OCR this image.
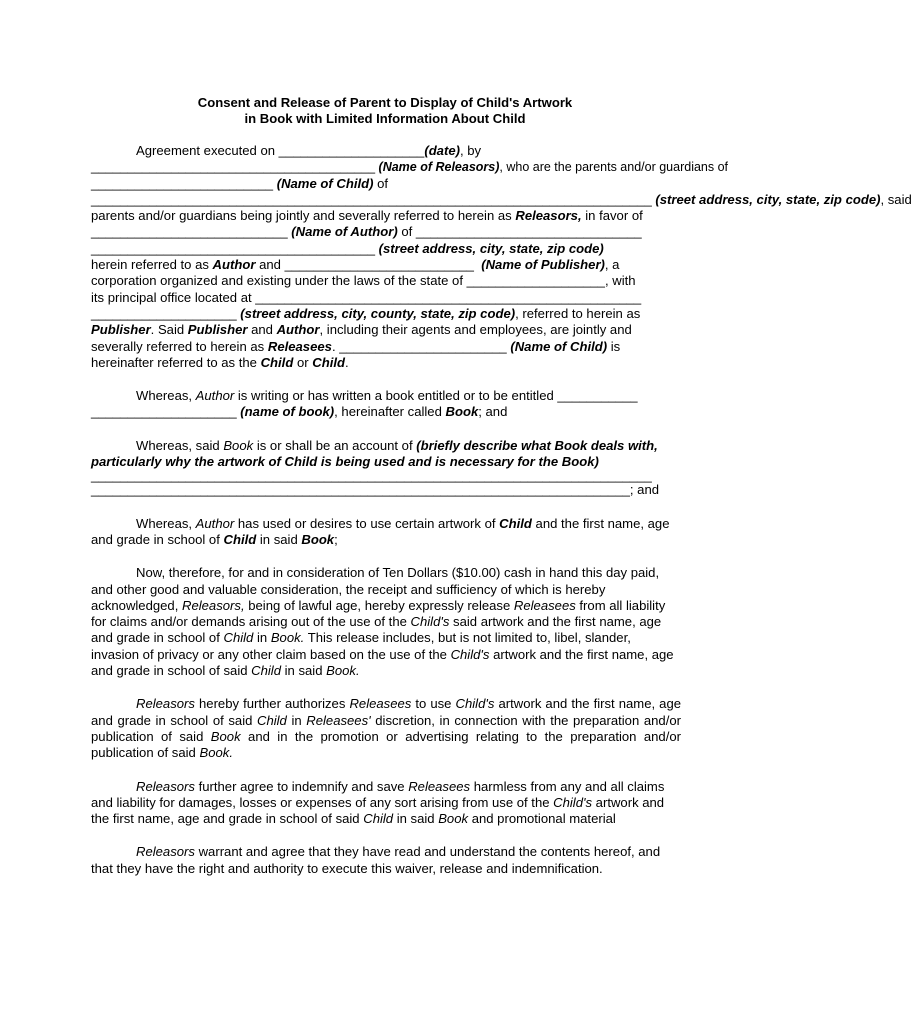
Consent and Release of Parent to Display of Child's Artwork
in Book with Limited Information About Child

Agreement executed on ____________________(date), by ________________________________________ (Name of Releasors), who are the parents and/or guardians of
_________________________ (Name of Child) of _____________________________________________________________________________ (street address, city, state, zip code), said
parents and/or guardians being jointly and severally referred to herein as Releasors, in favor of
___________________________ (Name of Author) of _______________________________
_______________________________________ (street address, city, state, zip code)
herein referred to as Author and __________________________ (Name of Publisher), a
corporation organized and existing under the laws of the state of ___________________, with
its principal office located at _____________________________________________________
____________________ (street address, city, county, state, zip code), referred to herein as
Publisher. Said Publisher and Author, including their agents and employees, are jointly and
severally referred to herein as Releasees. _______________________ (Name of Child) is
hereinafter referred to as the Child or Child.

Whereas, Author is writing or has written a book entitled or to be entitled ___________
____________________ (name of book), hereinafter called Book; and

Whereas, said Book is or shall be an account of (briefly describe what Book deals with, particularly why the artwork of Child is being used and is necessary for the Book)

_____________________________________________________________________________
__________________________________________________________________________; and

Whereas, Author has used or desires to use certain artwork of Child and the first name, age and grade in school of Child in said Book;

Now, therefore, for and in consideration of Ten Dollars ($10.00) cash in hand this day paid, and other good and valuable consideration, the receipt and sufficiency of which is hereby acknowledged, Releasors, being of lawful age, hereby expressly release Releasees from all liability for claims and/or demands arising out of the use of the Child's said artwork and the first name, age and grade in school of Child in Book. This release includes, but is not limited to, libel, slander, invasion of privacy or any other claim based on the use of the Child's artwork and the first name, age and grade in school of said Child in said Book.

Releasors hereby further authorizes Releasees to use Child's artwork and the first name, age and grade in school of said Child in Releasees' discretion, in connection with the preparation and/or publication of said Book and in the promotion or advertising relating to the preparation and/or publication of said Book.

Releasors further agree to indemnify and save Releasees harmless from any and all claims and liability for damages, losses or expenses of any sort arising from use of the Child's artwork and the first name, age and grade in school of said Child in said Book and promotional material

Releasors warrant and agree that they have read and understand the contents hereof, and that they have the right and authority to execute this waiver, release and indemnification.
